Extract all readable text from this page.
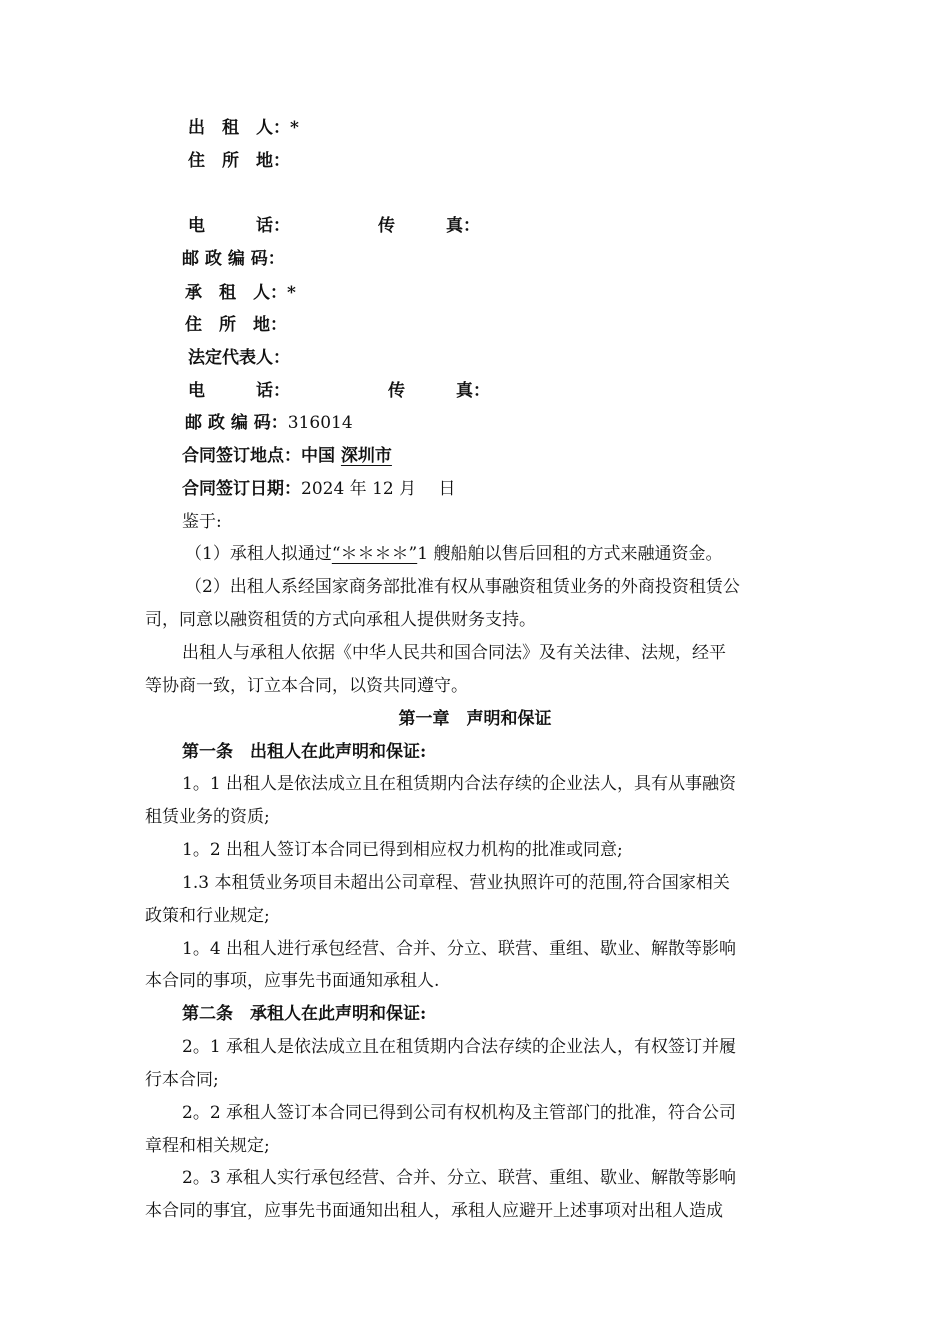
出　租　人：*
住　所　地：
电　　　话：	传　　　真：
邮 政 编 码：
承　租　人：*
住　所　地：
法定代表人：
电　　　话：	传　　　真：
邮 政 编 码：316014
合同签订地点：中国 深圳市
合同签订日期：2024 年 12 月　 日
鉴于:
（1）承租人拟通过“＊＊＊＊”1 艘船舶以售后回租的方式来融通资金。
（2）出租人系经国家商务部批准有权从事融资租赁业务的外商投资租赁公
司，同意以融资租赁的方式向承租人提供财务支持。
出租人与承租人依据《中华人民共和国合同法》及有关法律、法规，经平
等协商一致，订立本合同，以资共同遵守。
第一章　声明和保证
第一条　出租人在此声明和保证:
1。1 出租人是依法成立且在租赁期内合法存续的企业法人，具有从事融资
租赁业务的资质;
1。2 出租人签订本合同已得到相应权力机构的批准或同意;
1.3 本租赁业务项目未超出公司章程、营业执照许可的范围,符合国家相关
政策和行业规定;
1。4 出租人进行承包经营、合并、分立、联营、重组、歇业、解散等影响
本合同的事项，应事先书面通知承租人.
第二条　承租人在此声明和保证:
2。1 承租人是依法成立且在租赁期内合法存续的企业法人，有权签订并履
行本合同;
2。2 承租人签订本合同已得到公司有权机构及主管部门的批准，符合公司
章程和相关规定;
2。3 承租人实行承包经营、合并、分立、联营、重组、歇业、解散等影响
本合同的事宜，应事先书面通知出租人，承租人应避开上述事项对出租人造成
